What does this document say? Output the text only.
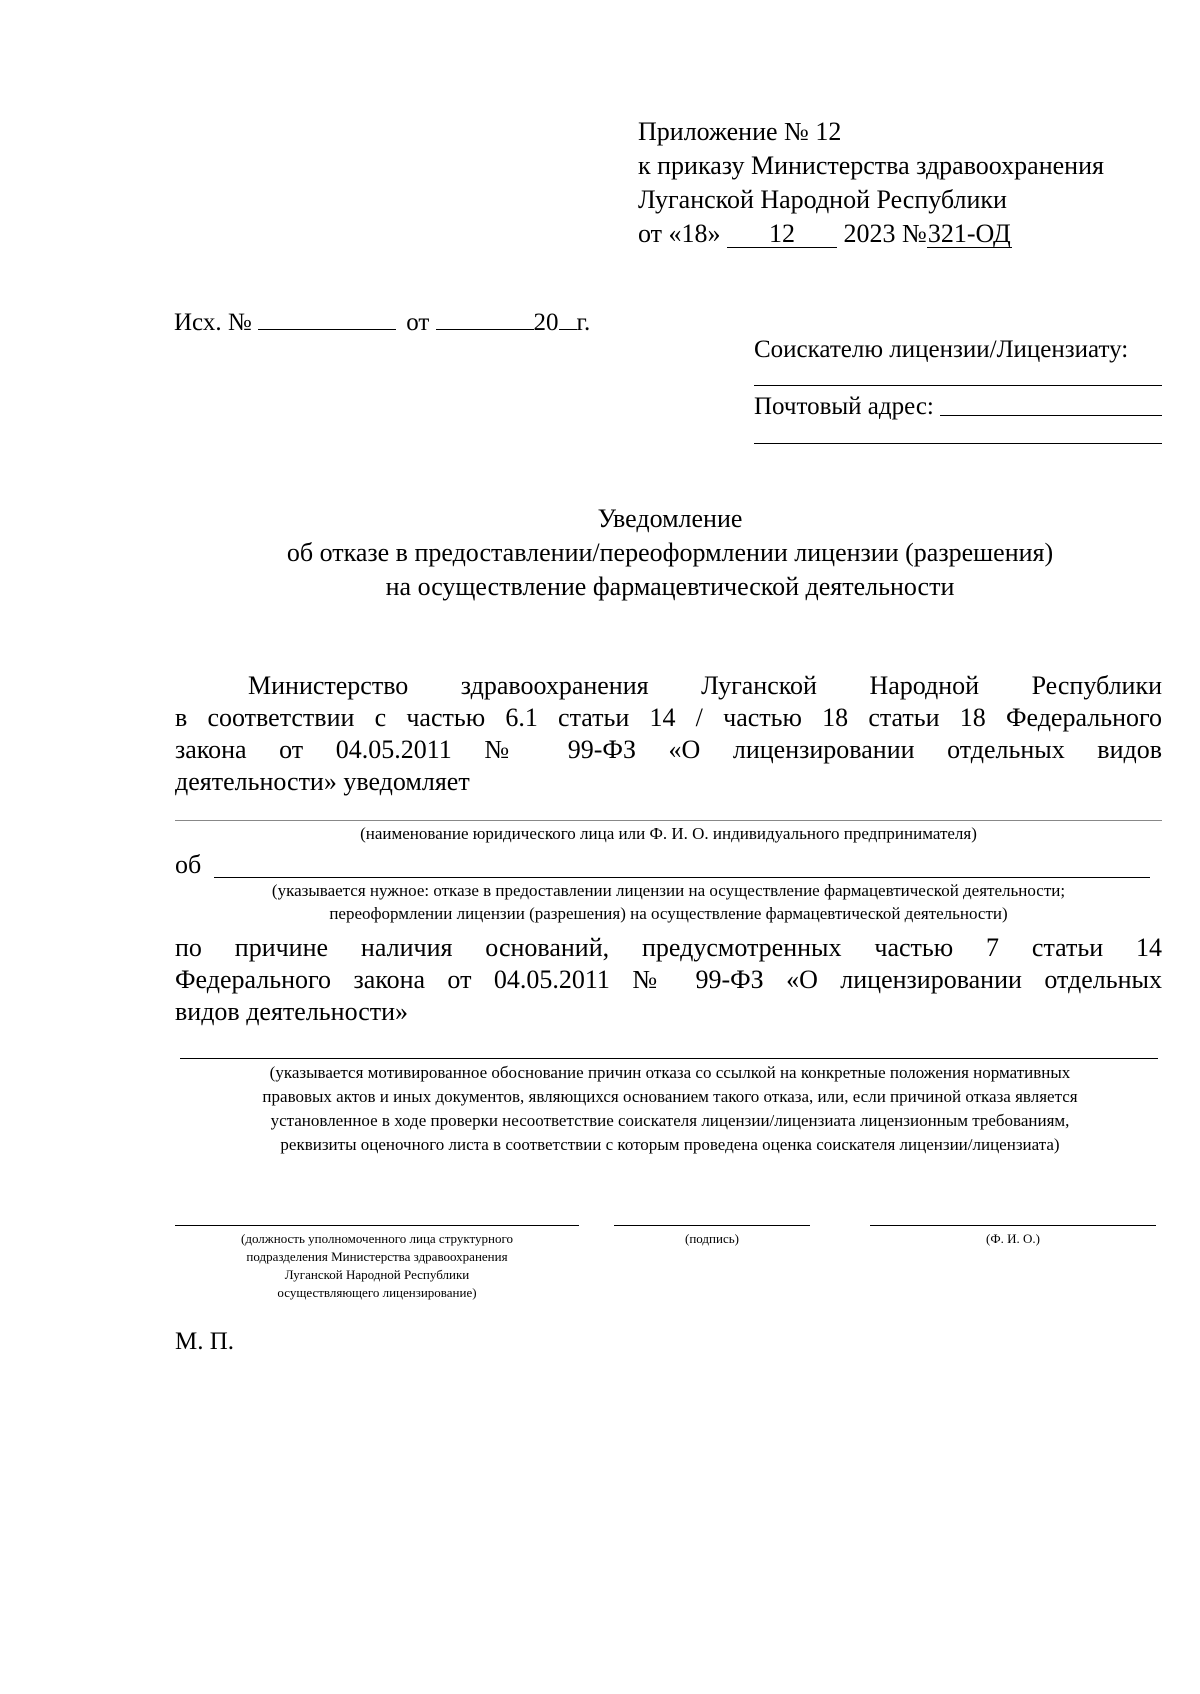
Приложение № 12
к приказу Министерства здравоохранения
Луганской Народной Республики
от «18» 12 2023 №321-ОД
Исх. №	от	20 г.
Соискателю лицензии/Лицензиату:
Почтовый адрес:
Уведомление
об отказе в предоставлении/переоформлении лицензии (разрешения)
на осуществление фармацевтической деятельности
Министерство здравоохранения Луганской Народной Республики
в соответствии с частью 6.1 статьи 14 / частью 18 статьи 18 Федерального
закона от 04.05.2011 № 99-ФЗ «О лицензировании отдельных видов
деятельности» уведомляет
(наименование юридического лица или Ф. И. О. индивидуального предпринимателя)
об
(указывается нужное: отказе в предоставлении лицензии на осуществление фармацевтической деятельности;
переоформлении лицензии (разрешения) на осуществление фармацевтической деятельности)
по причине наличия оснований, предусмотренных частью 7 статьи 14
Федерального закона от 04.05.2011 № 99-ФЗ «О лицензировании отдельных
видов деятельности»
(указывается мотивированное обоснование причин отказа со ссылкой на конкретные положения нормативных
правовых актов и иных документов, являющихся основанием такого отказа, или, если причиной отказа является
установленное в ходе проверки несоответствие соискателя лицензии/лицензиата лицензионным требованиям,
реквизиты оценочного листа в соответствии с которым проведена оценка соискателя лицензии/лицензиата)
(должность уполномоченного лица структурного
подразделения Министерства здравоохранения
Луганской Народной Республики
осуществляющего лицензирование)
(подпись)	(Ф. И. О.)
М. П.
